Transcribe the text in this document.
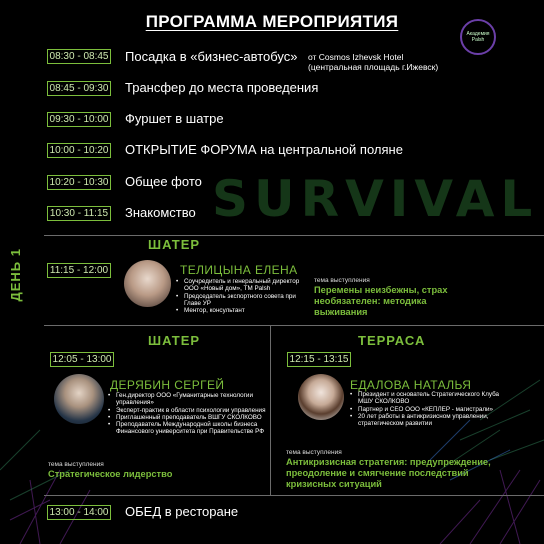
ПРОГРАММА МЕРОПРИЯТИЯ
Академия
Palsh
SURVIVAL
08:30 - 08:45 Посадка в «бизнес-автобус» от Cosmos Izhevsk Hotel
(центральная площадь г.Ижевск)
08:45 - 09:30 Трансфер до места проведения
09:30 - 10:00 Фуршет в шатре
10:00 - 10:20 ОТКРЫТИЕ ФОРУМА на центральной поляне
10:20 - 10:30 Общее фото
10:30 - 11:15 Знакомство
ДЕНЬ 1
ШАТЕР
11:15 - 12:00	ТЕЛИЦЫНА ЕЛЕНА
• Соучредитель и генеральный директор ООО «Новый дом», TM Palsh
• Председатель экспортного совета при Главе УР
• Ментор, консультант
тема выступления
Перемены неизбежны, страх необязателен: методика выживания
ШАТЕР
12:05 - 13:00
ДЕРЯБИН СЕРГЕЙ
• Ген.директор ООО «Гуманитарные технологии управления»
• Эксперт-практик в области психологии управления
• Приглашенный преподаватель ВШГУ СКОЛКОВО
• Преподаватель Международной школы бизнеса Финансового университета при Правительстве РФ
тема выступления
Стратегическое лидерство
ТЕРРАСА
12:15 - 13:15
ЕДАЛОВА НАТАЛЬЯ
• Президент и основатель Стратегического Клуба МШУ СКОЛКОВО
• Партнер и CEO ООО «КЕПЛЕР - магистрали»
• 20 лет работы в антикризисном управлении, стратегическом развитии
тема выступления
Антикризисная стратегия: предупреждение, преодоление и смягчение последствий кризисных ситуаций
13:00 - 14:00 ОБЕД в ресторане
